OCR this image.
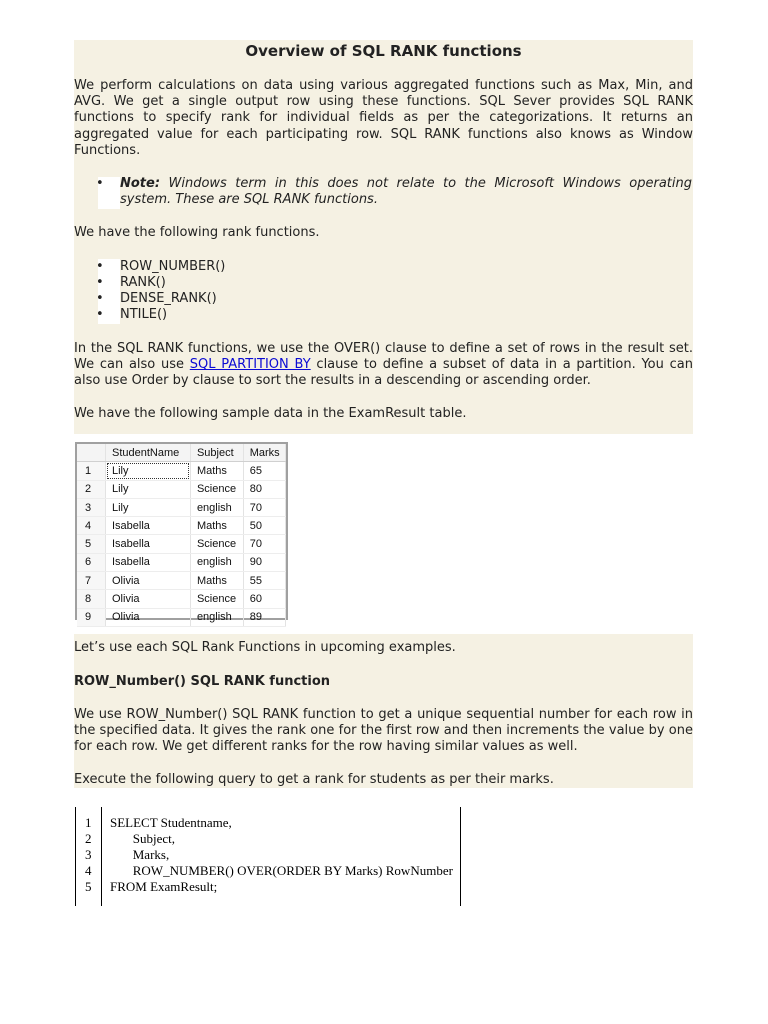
Overview of SQL RANK functions

We perform calculations on data using various aggregated functions such as Max, Min, and AVG. We get a single output row using these functions. SQL Sever provides SQL RANK functions to specify rank for individual fields as per the categorizations. It returns an aggregated value for each participating row. SQL RANK functions also knows as Window Functions.

• Note: Windows term in this does not relate to the Microsoft Windows operating system. These are SQL RANK functions.

We have the following rank functions.

• ROW_NUMBER()
• RANK()
• DENSE_RANK()
• NTILE()

In the SQL RANK functions, we use the OVER() clause to define a set of rows in the result set. We can also use SQL PARTITION BY clause to define a subset of data in a partition. You can also use Order by clause to sort the results in a descending or ascending order.

We have the following sample data in the ExamResult table.

	StudentName	Subject	Marks
1	Lily	Maths	65
2	Lily	Science	80
3	Lily	english	70
4	Isabella	Maths	50
5	Isabella	Science	70
6	Isabella	english	90
7	Olivia	Maths	55
8	Olivia	Science	60
9	Olivia	english	89

Let’s use each SQL Rank Functions in upcoming examples.

ROW_Number() SQL RANK function

We use ROW_Number() SQL RANK function to get a unique sequential number for each row in the specified data. It gives the rank one for the first row and then increments the value by one for each row. We get different ranks for the row having similar values as well.

Execute the following query to get a rank for students as per their marks.

1 SELECT Studentname,
2 Subject,
3 Marks,
4 ROW_NUMBER() OVER(ORDER BY Marks) RowNumber
5 FROM ExamResult;
